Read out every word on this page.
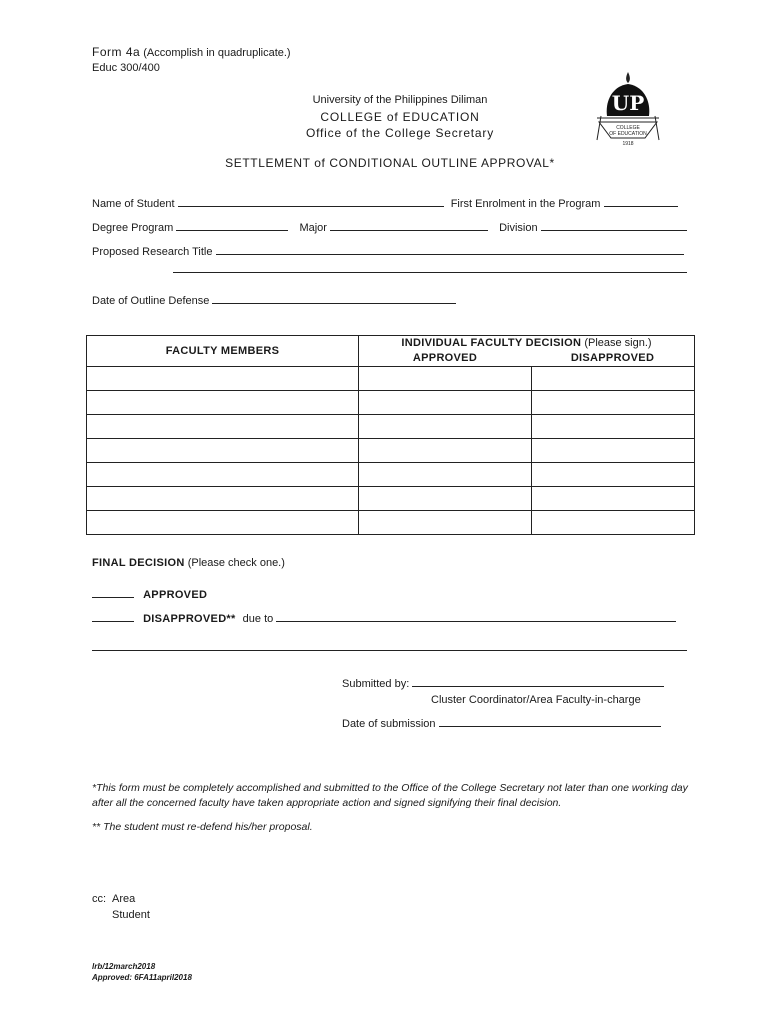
Form 4a (Accomplish in quadruplicate.)
Educ 300/400
University of the Philippines Diliman
COLLEGE of EDUCATION
Office of the College Secretary
UP
COLLEGE
OF EDUCATION
1918
SETTLEMENT of CONDITIONAL OUTLINE APPROVAL*
Name of Student	First Enrolment in the Program
Degree Program	Major	Division
Proposed Research Title
Date of Outline Defense
FACULTY MEMBERS	INDIVIDUAL FACULTY DECISION (Please sign.)	
	APPROVED	DISAPPROVED

FINAL DECISION (Please check one.)
APPROVED
DISAPPROVED** due to
Submitted by:
Cluster Coordinator/Area Faculty-in-charge
Date of submission
*This form must be completely accomplished and submitted to the Office of the College Secretary not later than one working day
after all the concerned faculty have taken appropriate action and signed signifying their final decision.
** The student must re-defend his/her proposal.
cc: Area
Student
lrb/12march2018
Approved: 6FA11april2018
